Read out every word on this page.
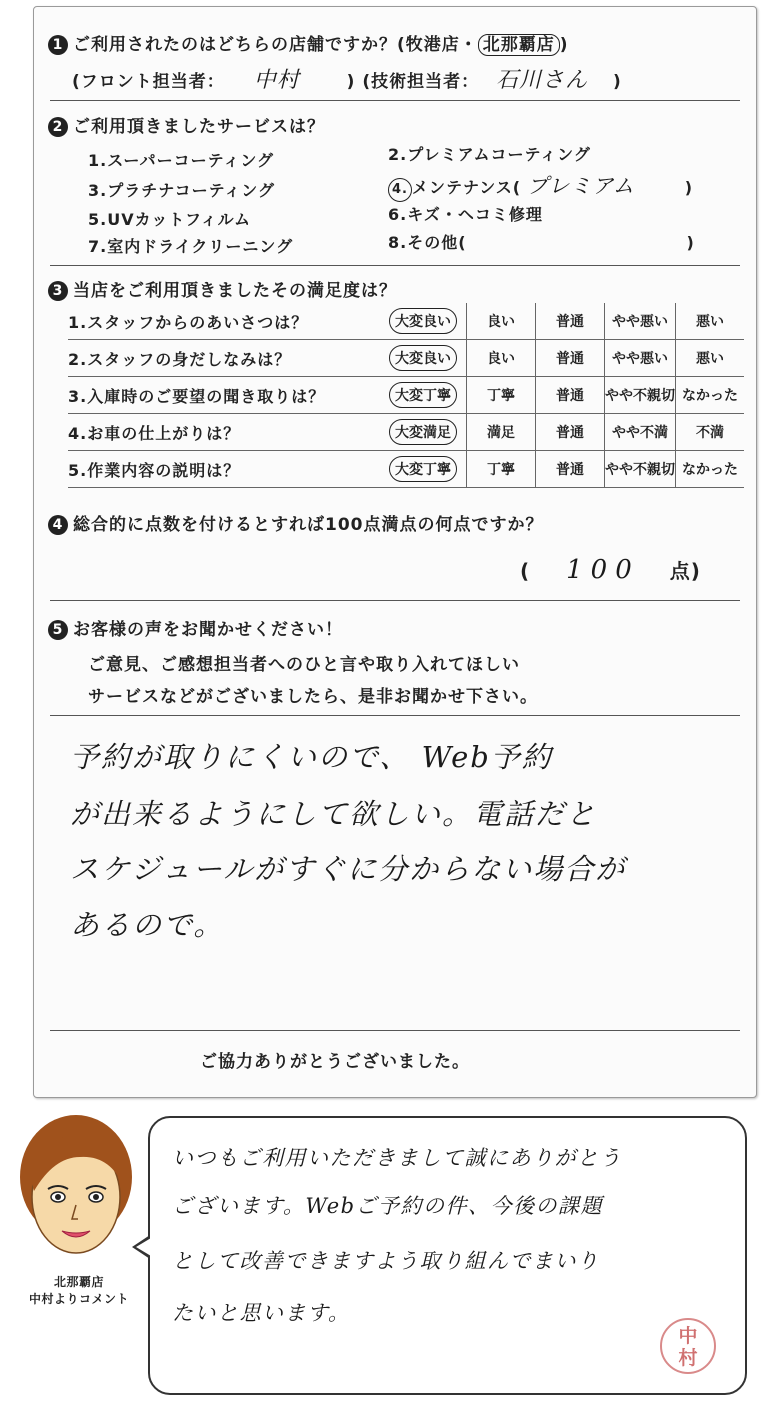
1 ご利用されたのはどちらの店舗ですか？(牧港店・ 北那覇店 )
(フロント担当者： 中村	) (技術担当者： 石川さん )
2 ご利用頂きましたサービスは？
1.スーパーコーティング	2.プレミアムコーティング
3.プラチナコーティング	4. メンテナンス( プレミアム	)
5.UVカットフィルム	6.キズ・ヘコミ修理
7.室内ドライクリーニング	8.その他(	)
3 当店をご利用頂きましたその満足度は？
1.スタッフからのあいさつは？	大変良い	良い	普通	やや悪い	悪い
2.スタッフの身だしなみは？	大変良い	良い	普通	やや悪い	悪い
3.入庫時のご要望の聞き取りは？	大変丁寧	丁寧	普通	やや不親切	なかった
4.お車の仕上がりは？	大変満足	満足	普通	やや不満	不満
5.作業内容の説明は？	大変丁寧	丁寧	普通	やや不親切	なかった
4 総合的に点数を付けるとすれば100点満点の何点ですか？
( 100 点)
5 お客様の声をお聞かせください！
ご意見、ご感想担当者へのひと言や取り入れてほしい
サービスなどがございましたら、是非お聞かせ下さい。
予約が取りにくいので、 Web予約
が出来るようにして欲しい。電話だと
スケジュールがすぐに分からない場合が
あるので。
ご協力ありがとうございました。
北那覇店
中村よりコメント
いつもご利用いただきまして誠にありがとう
ございます。Webご予約の件、今後の課題
として改善できますよう取り組んでまいり
たいと思います。
中
村
